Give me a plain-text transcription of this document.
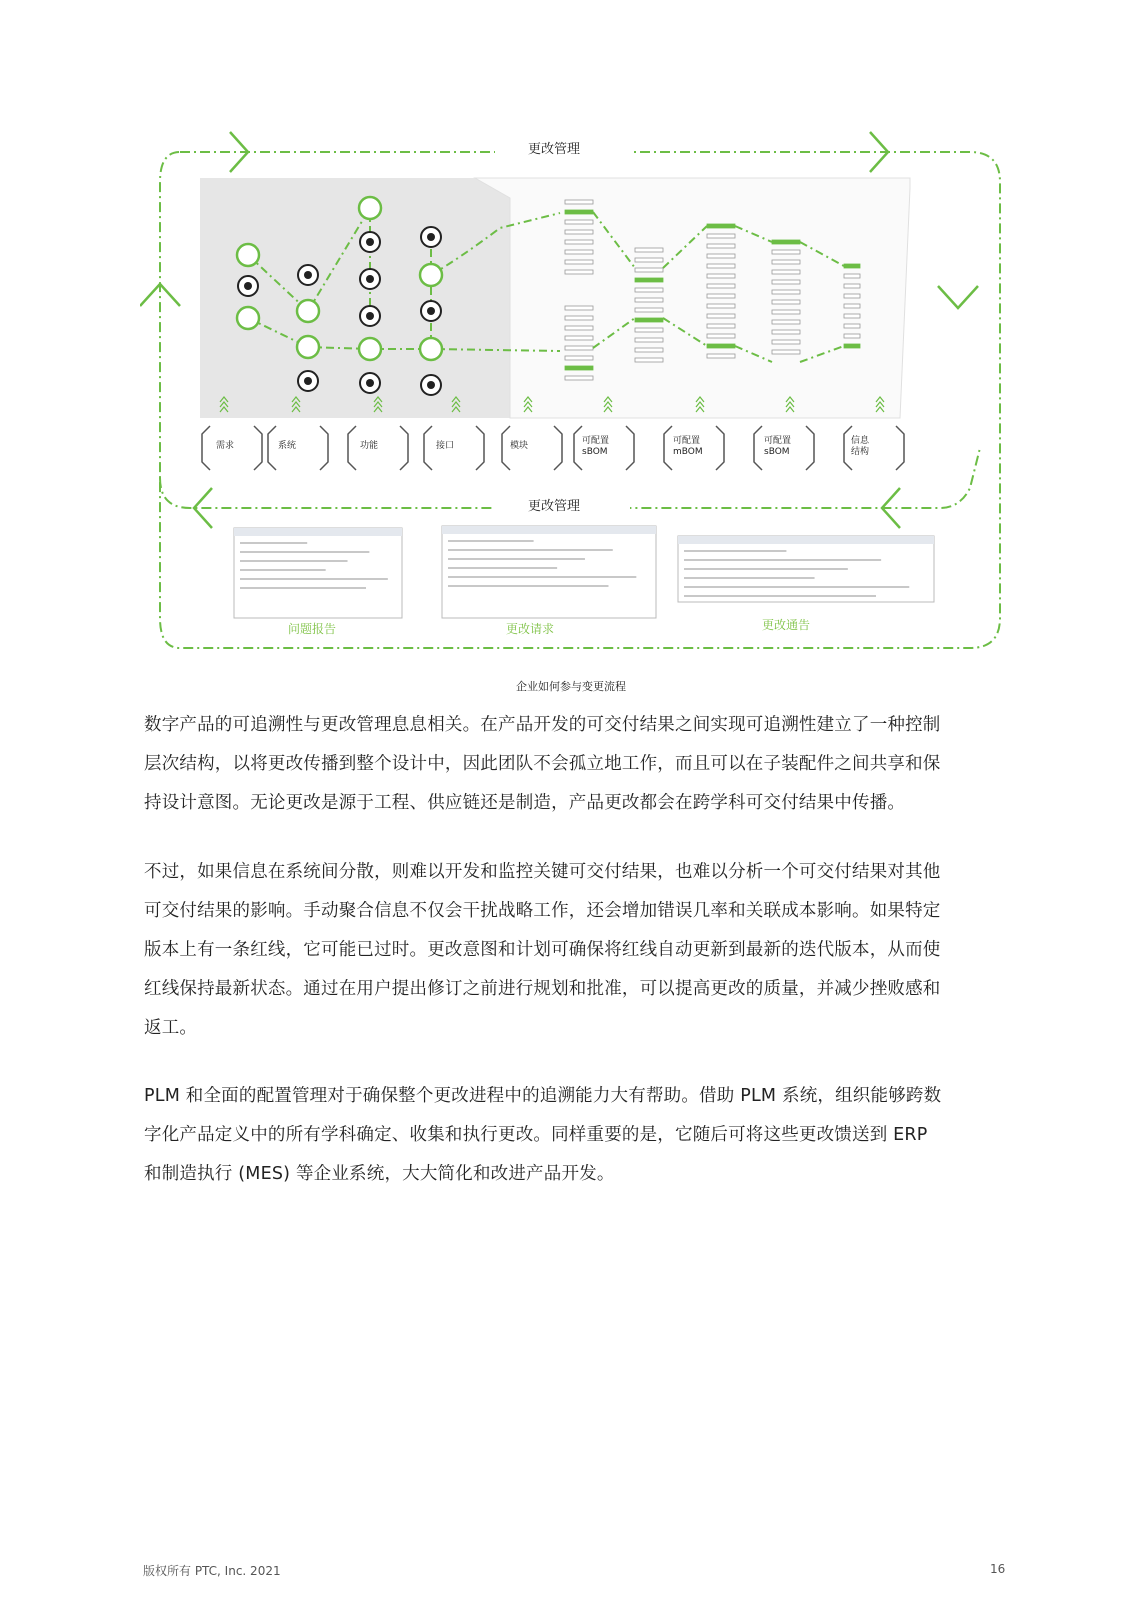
更改管理
更改管理
需求	系统	功能	接口	模块	可配置
sBOM
可配置
mBOM
可配置
sBOM
信息
结构
问题报告	更改请求	更改通告
企业如何参与变更流程
数字产品的可追溯性与更改管理息息相关。在产品开发的可交付结果之间实现可追溯性建立了一种控制
层次结构，以将更改传播到整个设计中，因此团队不会孤立地工作，而且可以在子装配件之间共享和保
持设计意图。无论更改是源于工程、供应链还是制造，产品更改都会在跨学科可交付结果中传播。
不过，如果信息在系统间分散，则难以开发和监控关键可交付结果，也难以分析一个可交付结果对其他
可交付结果的影响。手动聚合信息不仅会干扰战略工作，还会增加错误几率和关联成本影响。如果特定
版本上有一条红线，它可能已过时。更改意图和计划可确保将红线自动更新到最新的迭代版本，从而使
红线保持最新状态。通过在用户提出修订之前进行规划和批准，可以提高更改的质量，并减少挫败感和
返工。
PLM 和全面的配置管理对于确保整个更改进程中的追溯能力大有帮助。借助 PLM 系统，组织能够跨数
字化产品定义中的所有学科确定、收集和执行更改。同样重要的是，它随后可将这些更改馈送到 ERP
和制造执行 (MES) 等企业系统，大大简化和改进产品开发。
版权所有 PTC, Inc. 2021	16
